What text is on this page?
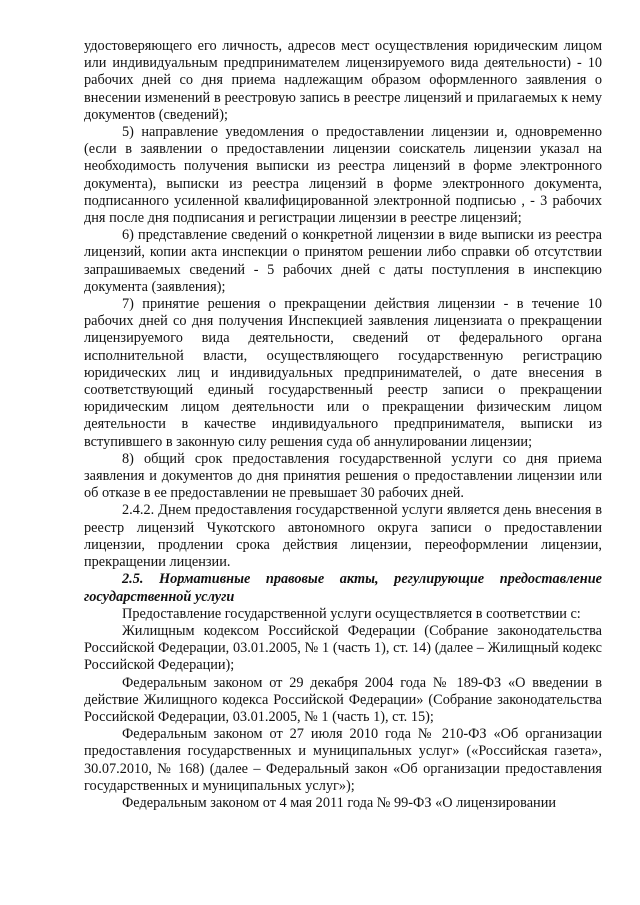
удостоверяющего его личность, адресов мест осуществления юридическим лицом или индивидуальным предпринимателем лицензируемого вида деятельности) - 10 рабочих дней со дня приема надлежащим образом оформленного заявления о внесении изменений в реестровую запись в реестре лицензий и прилагаемых к нему документов (сведений);

5) направление уведомления о предоставлении лицензии и, одновременно (если в заявлении о предоставлении лицензии соискатель лицензии указал на необходимость получения выписки из реестра лицензий в форме электронного документа), выписки из реестра лицензий в форме электронного документа, подписанного усиленной квалифицированной электронной подписью , - 3 рабочих дня после дня подписания и регистрации лицензии в реестре лицензий;

6) представление сведений о конкретной лицензии в виде выписки из реестра лицензий, копии акта инспекции о принятом решении либо справки об отсутствии запрашиваемых сведений - 5 рабочих дней с даты поступления в инспекцию документа (заявления);

7) принятие решения о прекращении действия лицензии - в течение 10 рабочих дней со дня получения Инспекцией заявления лицензиата о прекращении лицензируемого вида деятельности, сведений от федерального органа исполнительной власти, осуществляющего государственную регистрацию юридических лиц и индивидуальных предпринимателей, о дате внесения в соответствующий единый государственный реестр записи о прекращении юридическим лицом деятельности или о прекращении физическим лицом деятельности в качестве индивидуального предпринимателя, выписки из вступившего в законную силу решения суда об аннулировании лицензии;

8) общий срок предоставления государственной услуги со дня приема заявления и документов до дня принятия решения о предоставлении лицензии или об отказе в ее предоставлении не превышает 30 рабочих дней.

2.4.2. Днем предоставления государственной услуги является день внесения в реестр лицензий Чукотского автономного округа записи о предоставлении лицензии, продлении срока действия лицензии, переоформлении лицензии, прекращении лицензии.

2.5. Нормативные правовые акты, регулирующие предоставление государственной услуги

Предоставление государственной услуги осуществляется в соответствии с:

Жилищным кодексом Российской Федерации (Собрание законодательства Российской Федерации, 03.01.2005, № 1 (часть 1), ст. 14) (далее – Жилищный кодекс Российской Федерации);

Федеральным законом от 29 декабря 2004 года № 189-ФЗ «О введении в действие Жилищного кодекса Российской Федерации» (Собрание законодательства Российской Федерации, 03.01.2005, № 1 (часть 1), ст. 15);

Федеральным законом от 27 июля 2010 года № 210-ФЗ «Об организации предоставления государственных и муниципальных услуг» («Российская газета», 30.07.2010, № 168) (далее – Федеральный закон «Об организации предоставления государственных и муниципальных услуг»);

Федеральным законом от 4 мая 2011 года № 99-ФЗ «О лицензировании
